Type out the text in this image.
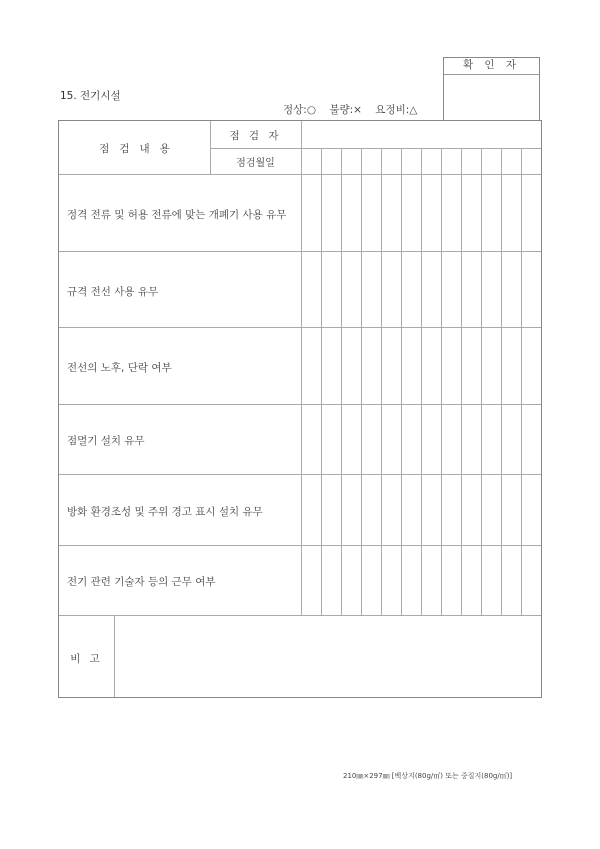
15. 전기시설
정상:○    불량:×    요정비:△
확 인 자
점   검   내   용
점 검 자
점검월일
정격 전류 및 허용 전류에 맞는 개폐기 사용 유무
규격 전선 사용 유무
전선의 노후, 단락 여부
점멸기 설치 유무
방화 환경조성 및 주위 경고 표시 설치 유무
전기 관련 기술자 등의 근무 여부
비 고
210㎜×297㎜ [백상지(80g/㎡) 또는 중질지(80g/㎡)]
